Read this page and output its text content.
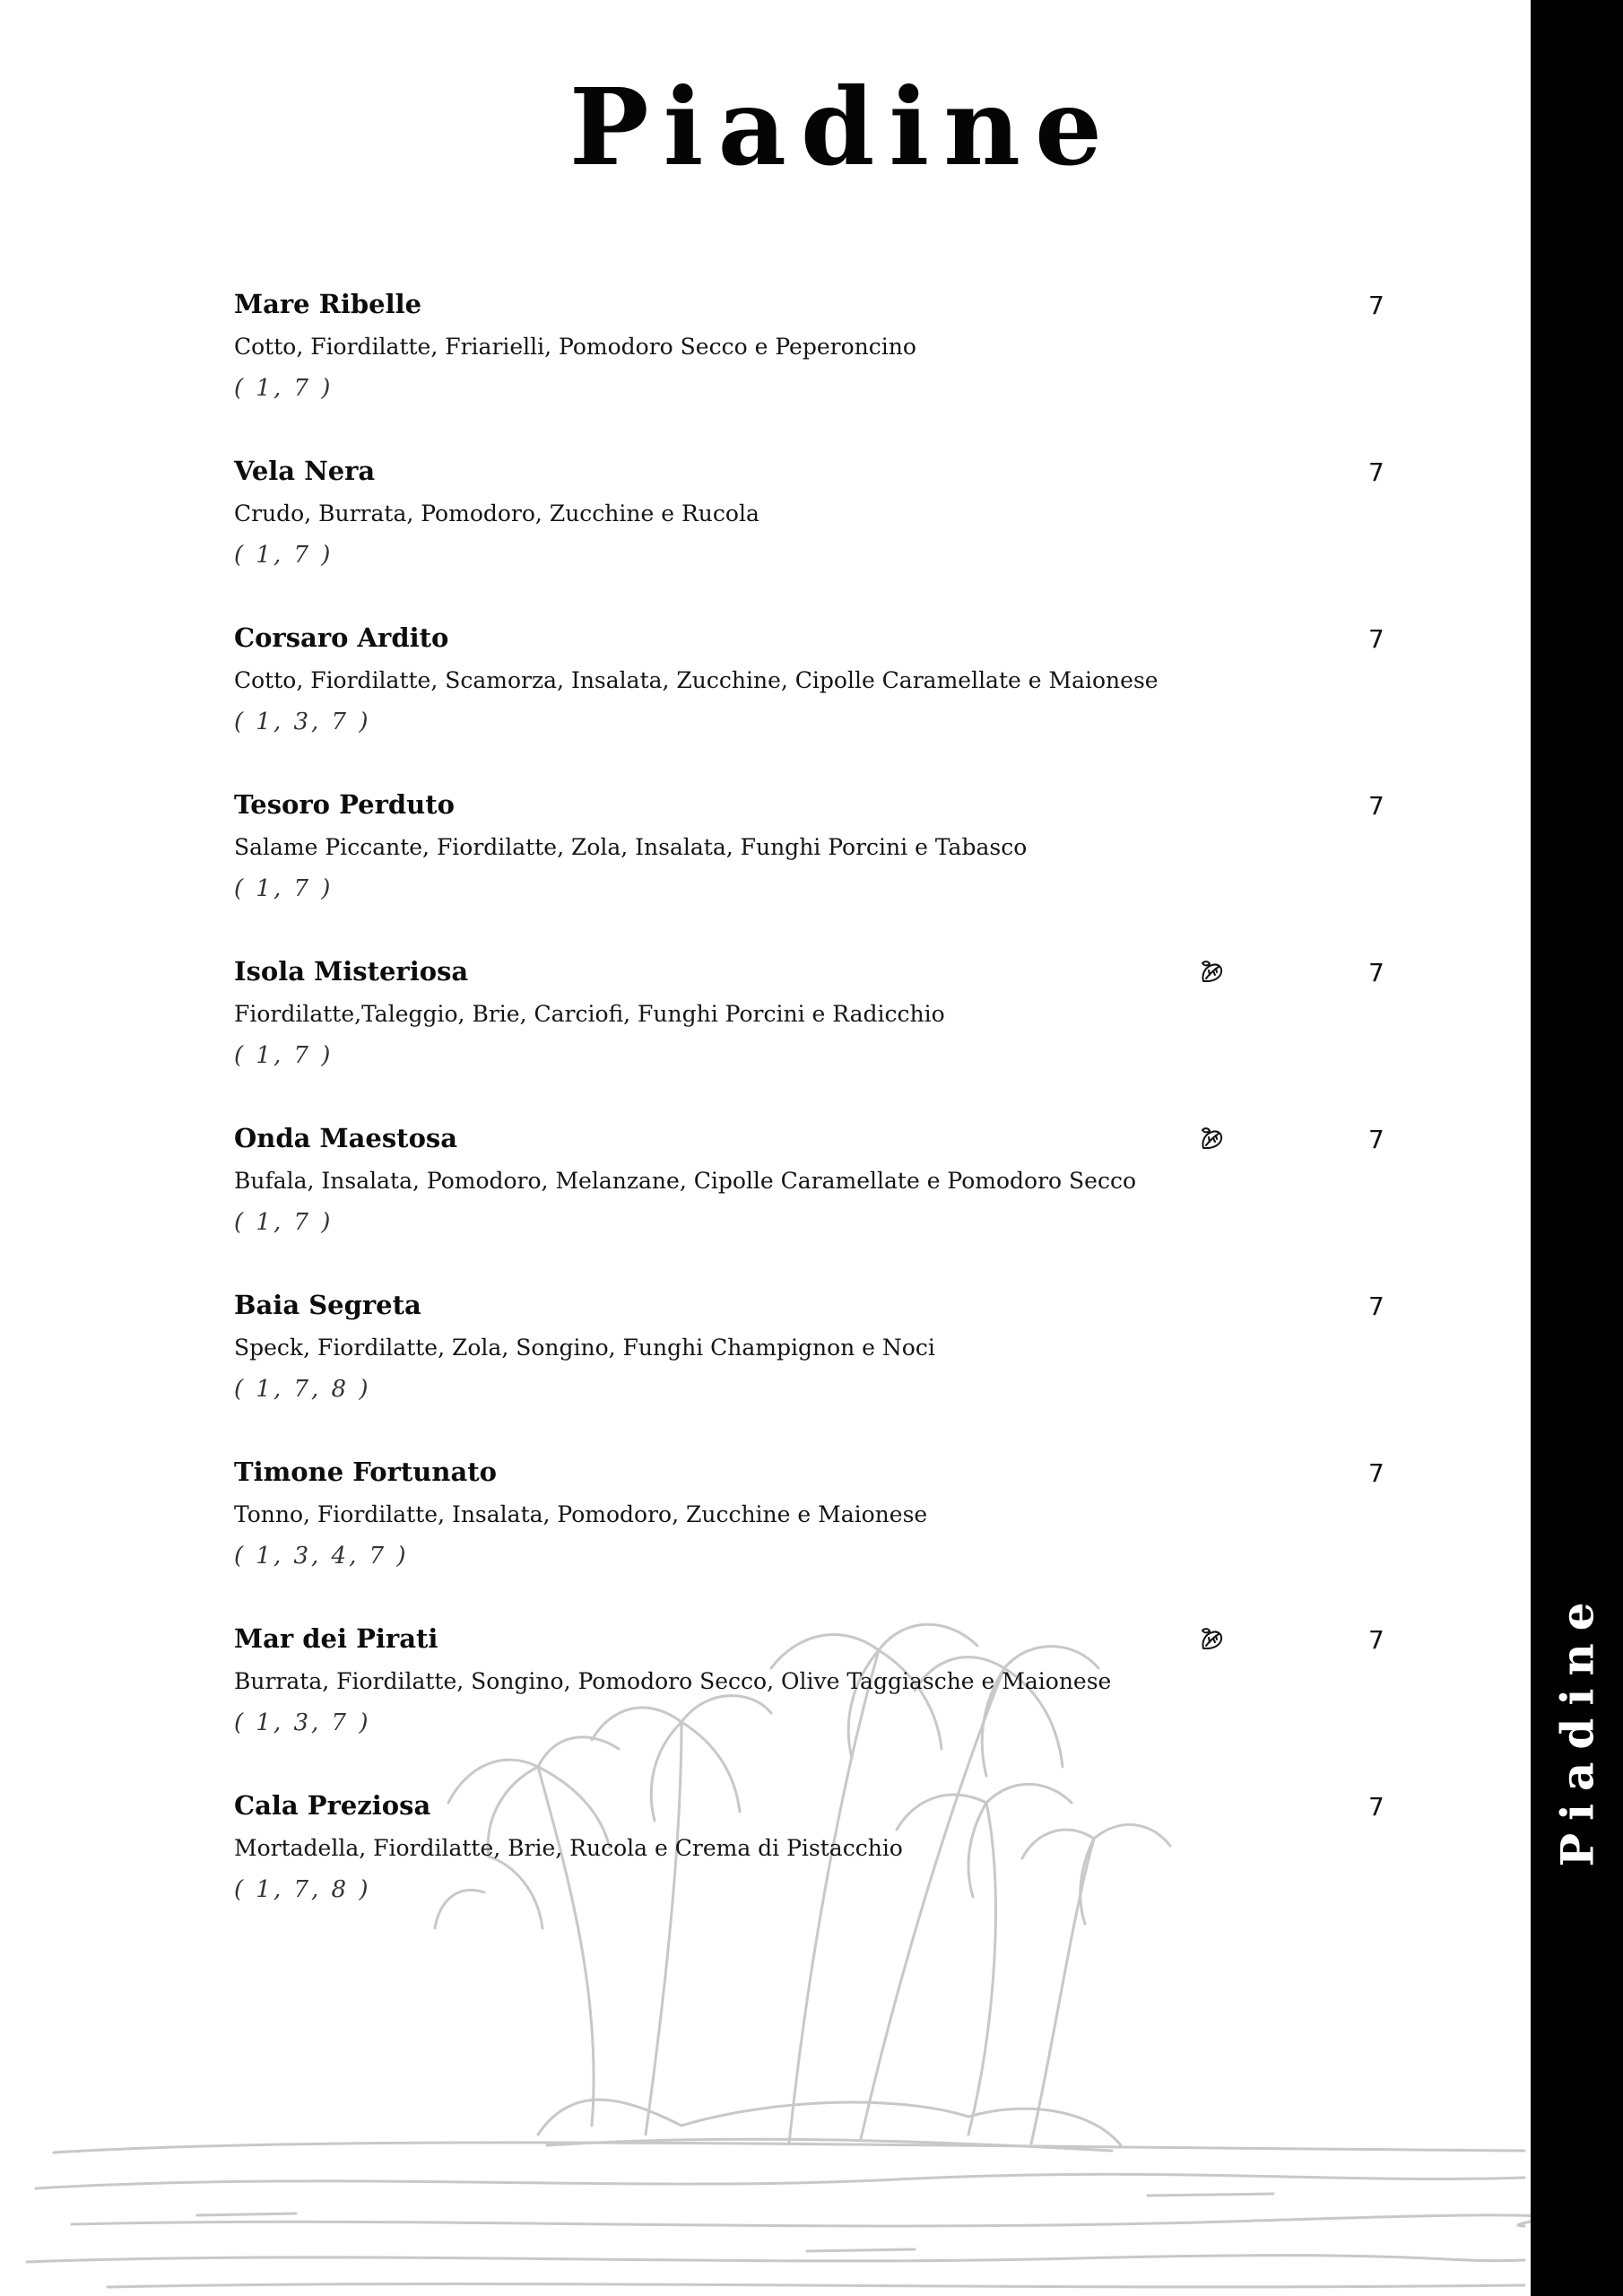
Piadine
Mare Ribelle
Cotto, Fiordilatte, Friarielli, Pomodoro Secco e Peperoncino
( 1, 7 )
7
Vela Nera
Crudo, Burrata, Pomodoro, Zucchine e Rucola
( 1, 7 )
7
Corsaro Ardito
Cotto, Fiordilatte, Scamorza, Insalata, Zucchine, Cipolle Caramellate e Maionese
( 1, 3, 7 )
7
Tesoro Perduto
Salame Piccante, Fiordilatte, Zola, Insalata, Funghi Porcini e Tabasco
( 1, 7 )
7
Isola Misteriosa
Fiordilatte,Taleggio, Brie, Carciofi, Funghi Porcini e Radicchio
( 1, 7 )
7
Onda Maestosa
Bufala, Insalata, Pomodoro, Melanzane, Cipolle Caramellate e Pomodoro Secco
( 1, 7 )
7
Baia Segreta
Speck, Fiordilatte, Zola, Songino, Funghi Champignon e Noci
( 1, 7, 8 )
7
Timone Fortunato
Tonno, Fiordilatte, Insalata, Pomodoro, Zucchine e Maionese
( 1, 3, 4, 7 )
7
Mar dei Pirati
Burrata, Fiordilatte, Songino, Pomodoro Secco, Olive Taggiasche e Maionese
( 1, 3, 7 )
7
Cala Preziosa
Mortadella, Fiordilatte, Brie, Rucola e Crema di Pistacchio
( 1, 7, 8 )
7	Piadine
